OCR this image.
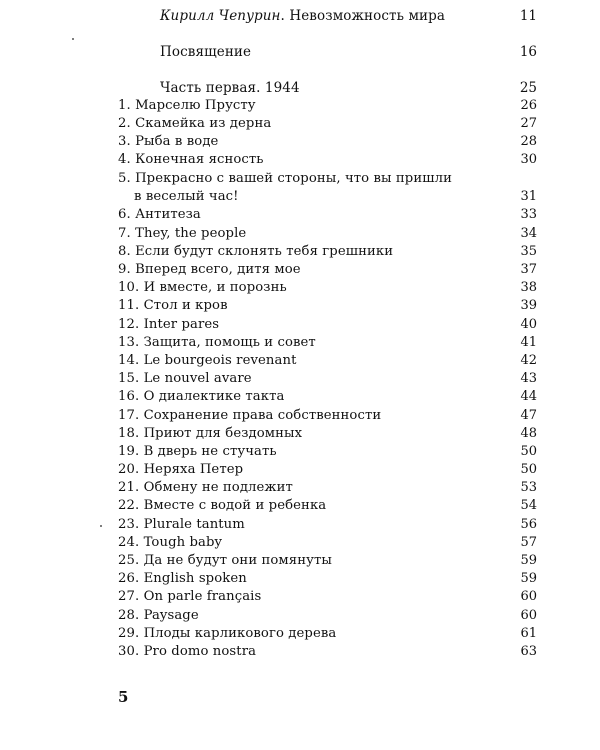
Кирилл Чепурин. Невозможность мира	11
Посвящение	16
Часть первая. 1944	25
1. Марселю Прусту	26
2. Скамейка из дерна	27
3. Рыба в воде	28
4. Конечная ясность	30
5. Прекрасно с вашей стороны, что вы пришли
в веселый час!	31
6. Антитеза	33
7. They, the people	34
8. Если будут склонять тебя грешники	35
9. Вперед всего, дитя мое	37
10. И вместе, и порознь	38
11. Стол и кров	39
12. Inter pares	40
13. Защита, помощь и совет	41
14. Le bourgeois revenant	42
15. Le nouvel avare	43
16. О диалектике такта	44
17. Сохранение права собственности	47
18. Приют для бездомных	48
19. В дверь не стучать	50
20. Неряха Петер	50
21. Обмену не подлежит	53
22. Вместе с водой и ребенка	54
23. Plurale tantum	56
24. Tough baby	57
25. Да не будут они помянуты	59
26. English spoken	59
27. On parle français	60
28. Paysage	60
29. Плоды карликового дерева	61
30. Pro domo nostra	63
5
